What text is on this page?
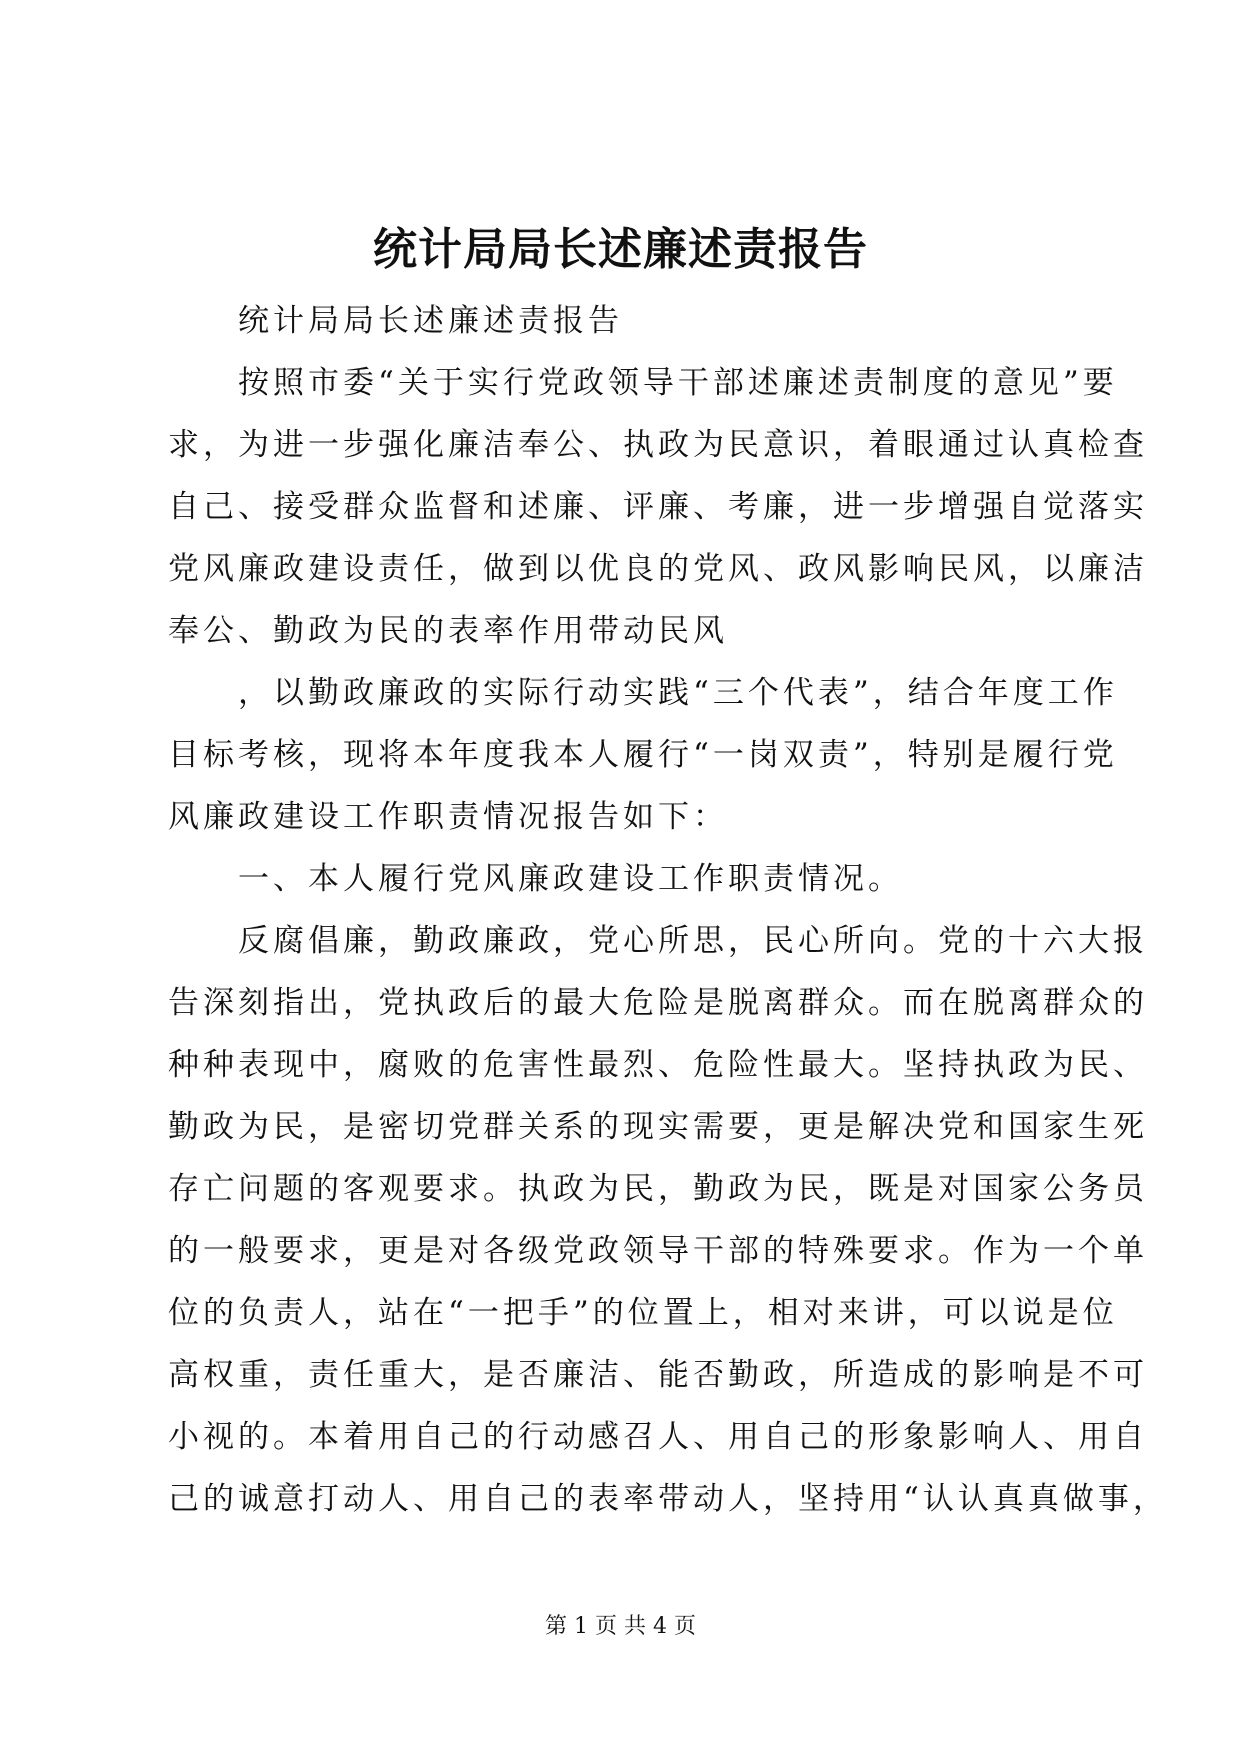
统计局局长述廉述责报告
　　统计局局长述廉述责报告
　　按照市委“关于实行党政领导干部述廉述责制度的意见”要
求，为进一步强化廉洁奉公、执政为民意识，着眼通过认真检查
自己、接受群众监督和述廉、评廉、考廉，进一步增强自觉落实
党风廉政建设责任，做到以优良的党风、政风影响民风，以廉洁
奉公、勤政为民的表率作用带动民风
　　，以勤政廉政的实际行动实践“三个代表”，结合年度工作
目标考核，现将本年度我本人履行“一岗双责”，特别是履行党
风廉政建设工作职责情况报告如下：
　　一、本人履行党风廉政建设工作职责情况。
　　反腐倡廉，勤政廉政，党心所思，民心所向。党的十六大报
告深刻指出，党执政后的最大危险是脱离群众。而在脱离群众的
种种表现中，腐败的危害性最烈、危险性最大。坚持执政为民、
勤政为民，是密切党群关系的现实需要，更是解决党和国家生死
存亡问题的客观要求。执政为民，勤政为民，既是对国家公务员
的一般要求，更是对各级党政领导干部的特殊要求。作为一个单
位的负责人，站在“一把手”的位置上，相对来讲，可以说是位
高权重，责任重大，是否廉洁、能否勤政，所造成的影响是不可
小视的。本着用自己的行动感召人、用自己的形象影响人、用自
己的诚意打动人、用自己的表率带动人，坚持用“认认真真做事，
第 1 页 共 4 页
